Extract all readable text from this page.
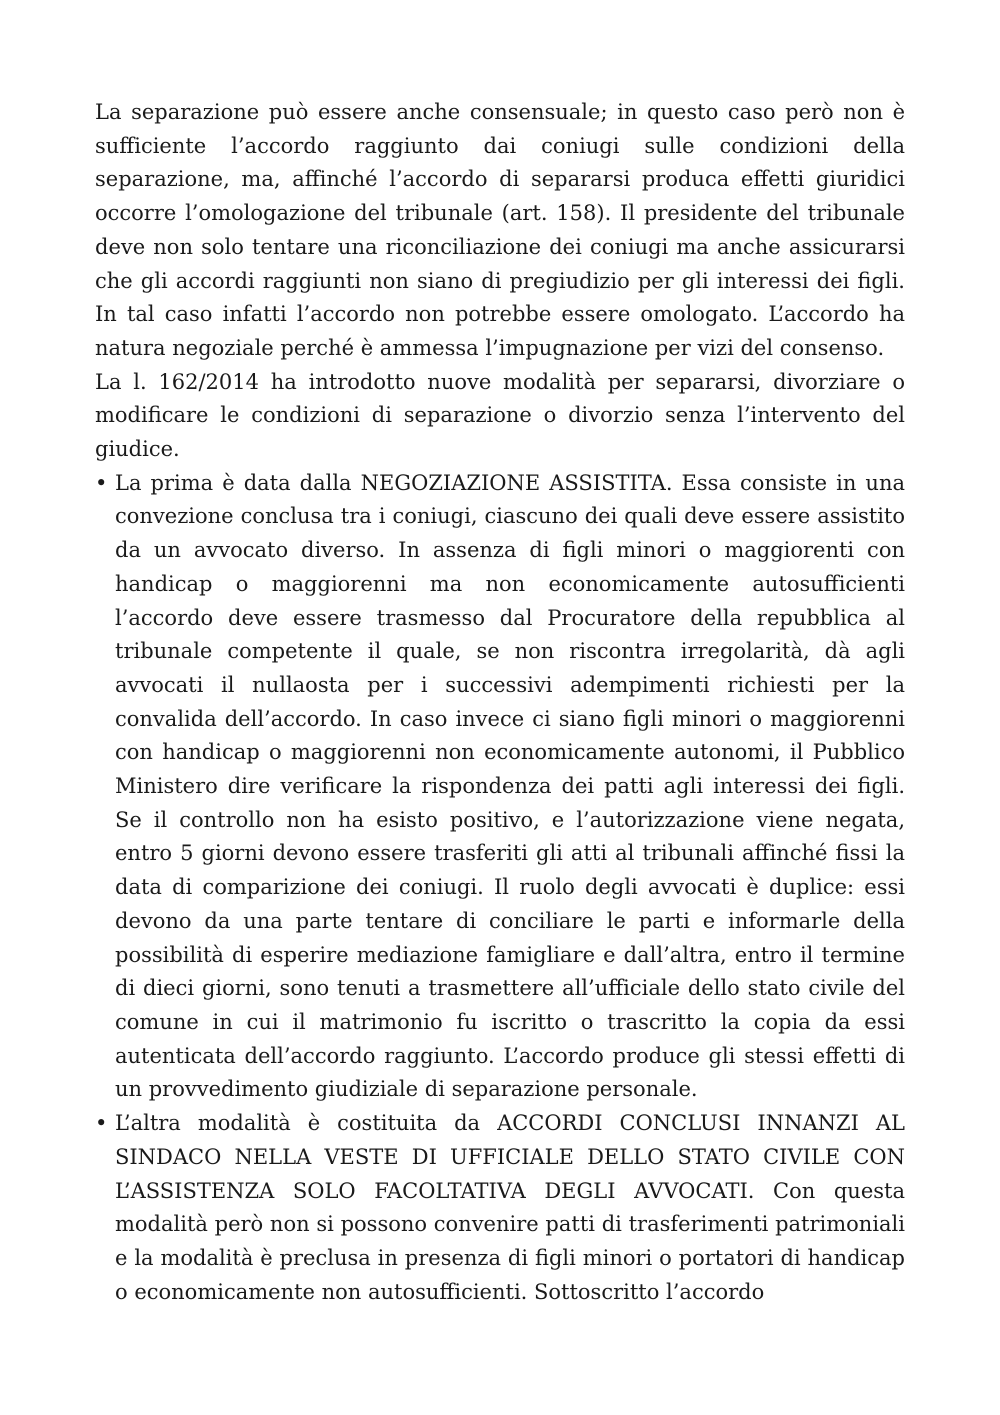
La separazione può essere anche consensuale; in questo caso però non è sufficiente l’accordo raggiunto dai coniugi sulle condizioni della separazione, ma, affinché l’accordo di separarsi produca effetti giuridici occorre l’omologazione del tribunale (art. 158). Il presidente del tribunale deve non solo tentare una riconciliazione dei coniugi ma anche assicurarsi che gli accordi raggiunti non siano di pregiudizio per gli interessi dei figli. In tal caso infatti l’accordo non potrebbe essere omologato. L’accordo ha natura negoziale perché è ammessa l’impugnazione per vizi del consenso.

La l. 162/2014 ha introdotto nuove modalità per separarsi, divorziare o modificare le condizioni di separazione o divorzio senza l’intervento del giudice.

• La prima è data dalla NEGOZIAZIONE ASSISTITA. Essa consiste in una convezione conclusa tra i coniugi, ciascuno dei quali deve essere assistito da un avvocato diverso. In assenza di figli minori o maggiorenti con handicap o maggiorenni ma non economicamente autosufficienti l’accordo deve essere trasmesso dal Procuratore della repubblica al tribunale competente il quale, se non riscontra irregolarità, dà agli avvocati il nullaosta per i successivi adempimenti richiesti per la convalida dell’accordo. In caso invece ci siano figli minori o maggiorenni con handicap o maggiorenni non economicamente autonomi, il Pubblico Ministero dire verificare la rispondenza dei patti agli interessi dei figli. Se il controllo non ha esisto positivo, e l’autorizzazione viene negata, entro 5 giorni devono essere trasferiti gli atti al tribunali affinché fissi la data di comparizione dei coniugi. Il ruolo degli avvocati è duplice: essi devono da una parte tentare di conciliare le parti e informarle della possibilità di esperire mediazione famigliare e dall’altra, entro il termine di dieci giorni, sono tenuti a trasmettere all’ufficiale dello stato civile del comune in cui il matrimonio fu iscritto o trascritto la copia da essi autenticata dell’accordo raggiunto. L’accordo produce gli stessi effetti di un provvedimento giudiziale di separazione personale.
• L’altra modalità è costituita da ACCORDI CONCLUSI INNANZI AL SINDACO NELLA VESTE DI UFFICIALE DELLO STATO CIVILE CON L’ASSISTENZA SOLO FACOLTATIVA DEGLI AVVOCATI. Con questa modalità però non si possono convenire patti di trasferimenti patrimoniali e la modalità è preclusa in presenza di figli minori o portatori di handicap o economicamente non autosufficienti. Sottoscritto l’accordo
